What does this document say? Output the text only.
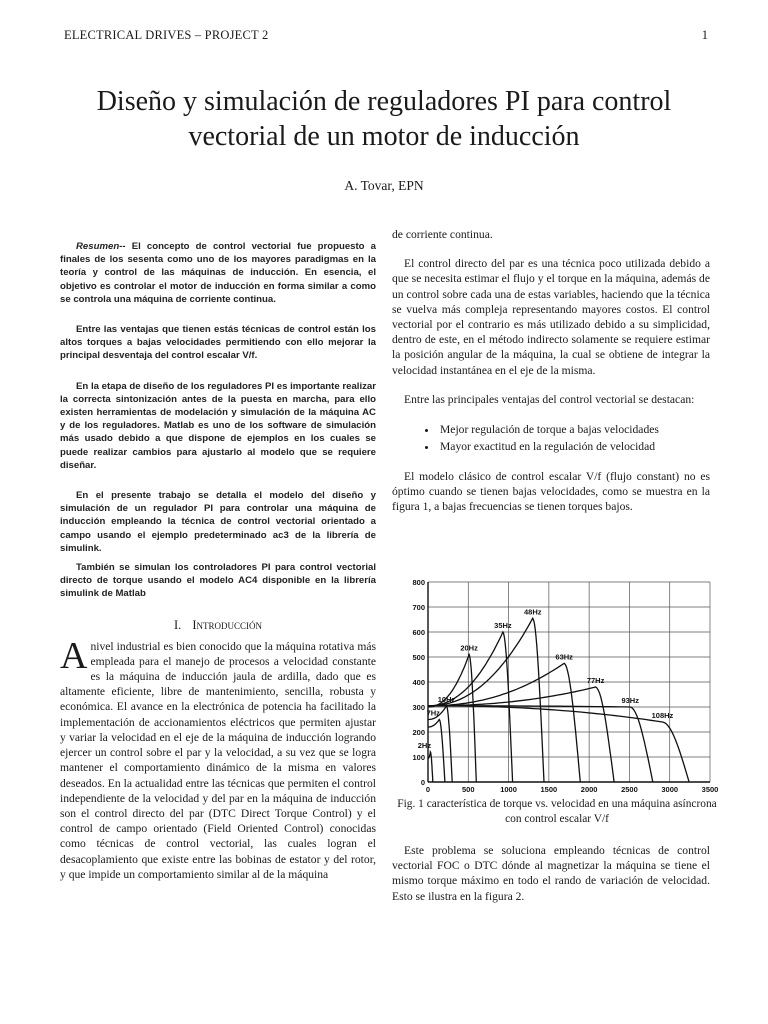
ELECTRICAL DRIVES – PROJECT 2	1
Diseño y simulación de reguladores PI para control vectorial de un motor de inducción
A. Tovar, EPN

Resumen-- El concepto de control vectorial fue propuesto a finales de los sesenta como uno de los mayores paradigmas en la teoría y control de las máquinas de inducción. En esencia, el objetivo es controlar el motor de inducción en forma similar a como se controla una máquina de corriente continua.

Entre las ventajas que tienen estás técnicas de control están los altos torques a bajas velocidades permitiendo con ello mejorar la principal desventaja del control escalar V/f.

En la etapa de diseño de los reguladores PI es importante realizar la correcta sintonización antes de la puesta en marcha, para ello existen herramientas de modelación y simulación de la máquina AC y de los reguladores. Matlab es uno de los software de simulación más usado debido a que dispone de ejemplos en los cuales se puede realizar cambios para ajustarlo al modelo que se requiere diseñar.

En el presente trabajo se detalla el modelo del diseño y simulación de un regulador PI para controlar una máquina de inducción empleando la técnica de control vectorial orientado a campo usando el ejemplo predeterminado ac3 de la librería de simulink.

También se simulan los controladores PI para control vectorial directo de torque usando el modelo AC4 disponible en la librería simulink de Matlab

I. Introducción

Anivel industrial es bien conocido que la máquina rotativa más empleada para el manejo de procesos a velocidad constante es la máquina de inducción jaula de ardilla, dado que es altamente eficiente, libre de mantenimiento, sencilla, robusta y económica. El avance en la electrónica de potencia ha facilitado la implementación de accionamientos eléctricos que permiten ajustar y variar la velocidad en el eje de la máquina de inducción logrando ejercer un control sobre el par y la velocidad, a su vez que se logra mantener el comportamiento dinámico de la misma en valores deseados. En la actualidad entre las técnicas que permiten el control independiente de la velocidad y del par en la máquina de inducción son el control directo del par (DTC Direct Torque Control) y el control de campo orientado (Field Oriented Control) conocidas como técnicas de control vectorial, las cuales logran el desacoplamiento que existe entre las bobinas de estator y del rotor, y que impide un comportamiento similar al de la máquina

de corriente continua.

El control directo del par es una técnica poco utilizada debido a que se necesita estimar el flujo y el torque en la máquina, además de un control sobre cada una de estas variables, haciendo que la técnica se vuelva más compleja representando mayores costos. El control vectorial por el contrario es más utilizado debido a su simplicidad, dentro de este, en el método indirecto solamente se requiere estimar la posición angular de la máquina, la cual se obtiene de integrar la velocidad instantánea en el eje de la misma.

Entre las principales ventajas del control vectorial se destacan:

• Mejor regulación de torque a bajas velocidades
• Mayor exactitud en la regulación de velocidad

El modelo clásico de control escalar V/f (flujo constant) no es óptimo cuando se tienen bajas velocidades, como se muestra en la figura 1, a bajas frecuencias se tienen torques bajos.

0
100
200
300
400
500
600
700
800
0	500	1000	1500	2000	2500	3000	3500
2Hz
7Hz
10Hz
20Hz
35Hz
48Hz
63Hz
77Hz
93Hz
108Hz
Fig. 1 característica de torque vs. velocidad en una máquina asíncrona con control escalar V/f

Este problema se soluciona empleando técnicas de control vectorial FOC o DTC dónde al magnetizar la máquina se tiene el mismo torque máximo en todo el rando de variación de velocidad. Esto se ilustra en la figura 2.
